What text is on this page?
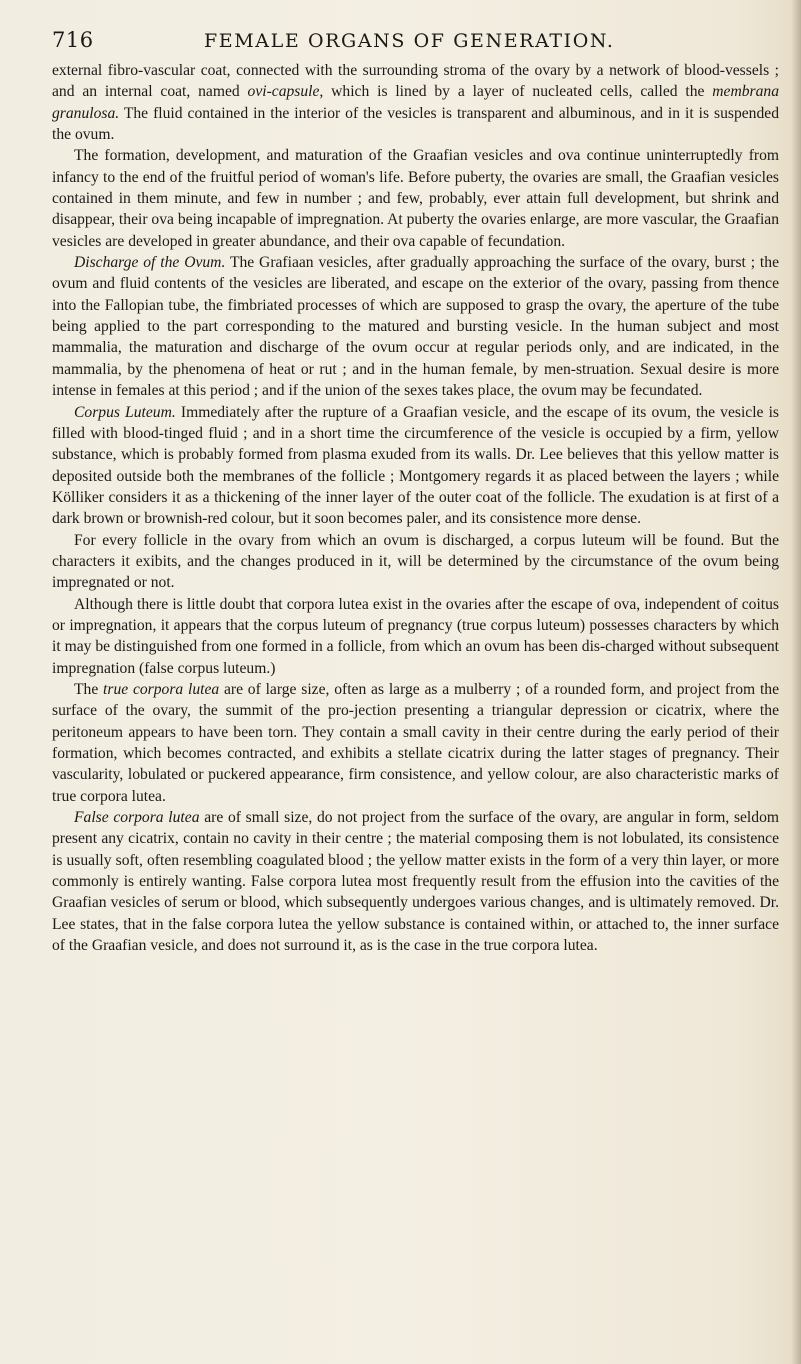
716	FEMALE ORGANS OF GENERATION.

external fibro-vascular coat, connected with the surrounding stroma of the ovary by a network of blood-vessels ; and an internal coat, named ovi-capsule, which is lined by a layer of nucleated cells, called the membrana granulosa. The fluid contained in the interior of the vesicles is transparent and albuminous, and in it is suspended the ovum.

The formation, development, and maturation of the Graafian vesicles and ova continue uninterruptedly from infancy to the end of the fruitful period of woman's life. Before puberty, the ovaries are small, the Graafian vesicles contained in them minute, and few in number ; and few, probably, ever attain full development, but shrink and disappear, their ova being incapable of impregnation. At puberty the ovaries enlarge, are more vascular, the Graafian vesicles are developed in greater abundance, and their ova capable of fecundation.

Discharge of the Ovum. The Grafiaan vesicles, after gradually approaching the surface of the ovary, burst ; the ovum and fluid contents of the vesicles are liberated, and escape on the exterior of the ovary, passing from thence into the Fallopian tube, the fimbriated processes of which are supposed to grasp the ovary, the aperture of the tube being applied to the part corresponding to the matured and bursting vesicle. In the human subject and most mammalia, the maturation and discharge of the ovum occur at regular periods only, and are indicated, in the mammalia, by the phenomena of heat or rut ; and in the human female, by men-struation. Sexual desire is more intense in females at this period ; and if the union of the sexes takes place, the ovum may be fecundated.

Corpus Luteum. Immediately after the rupture of a Graafian vesicle, and the escape of its ovum, the vesicle is filled with blood-tinged fluid ; and in a short time the circumference of the vesicle is occupied by a firm, yellow substance, which is probably formed from plasma exuded from its walls. Dr. Lee believes that this yellow matter is deposited outside both the membranes of the follicle ; Montgomery regards it as placed between the layers ; while Kölliker considers it as a thickening of the inner layer of the outer coat of the follicle. The exudation is at first of a dark brown or brownish-red colour, but it soon becomes paler, and its consistence more dense.

For every follicle in the ovary from which an ovum is discharged, a corpus luteum will be found. But the characters it exibits, and the changes produced in it, will be determined by the circumstance of the ovum being impregnated or not.

Although there is little doubt that corpora lutea exist in the ovaries after the escape of ova, independent of coitus or impregnation, it appears that the corpus luteum of pregnancy (true corpus luteum) possesses characters by which it may be distinguished from one formed in a follicle, from which an ovum has been dis-charged without subsequent impregnation (false corpus luteum.)

The true corpora lutea are of large size, often as large as a mulberry ; of a rounded form, and project from the surface of the ovary, the summit of the pro-jection presenting a triangular depression or cicatrix, where the peritoneum appears to have been torn. They contain a small cavity in their centre during the early period of their formation, which becomes contracted, and exhibits a stellate cicatrix during the latter stages of pregnancy. Their vascularity, lobulated or puckered appearance, firm consistence, and yellow colour, are also characteristic marks of true corpora lutea.

False corpora lutea are of small size, do not project from the surface of the ovary, are angular in form, seldom present any cicatrix, contain no cavity in their centre ; the material composing them is not lobulated, its consistence is usually soft, often resembling coagulated blood ; the yellow matter exists in the form of a very thin layer, or more commonly is entirely wanting. False corpora lutea most frequently result from the effusion into the cavities of the Graafian vesicles of serum or blood, which subsequently undergoes various changes, and is ultimately removed. Dr. Lee states, that in the false corpora lutea the yellow substance is contained within, or attached to, the inner surface of the Graafian vesicle, and does not surround it, as is the case in the true corpora lutea.
